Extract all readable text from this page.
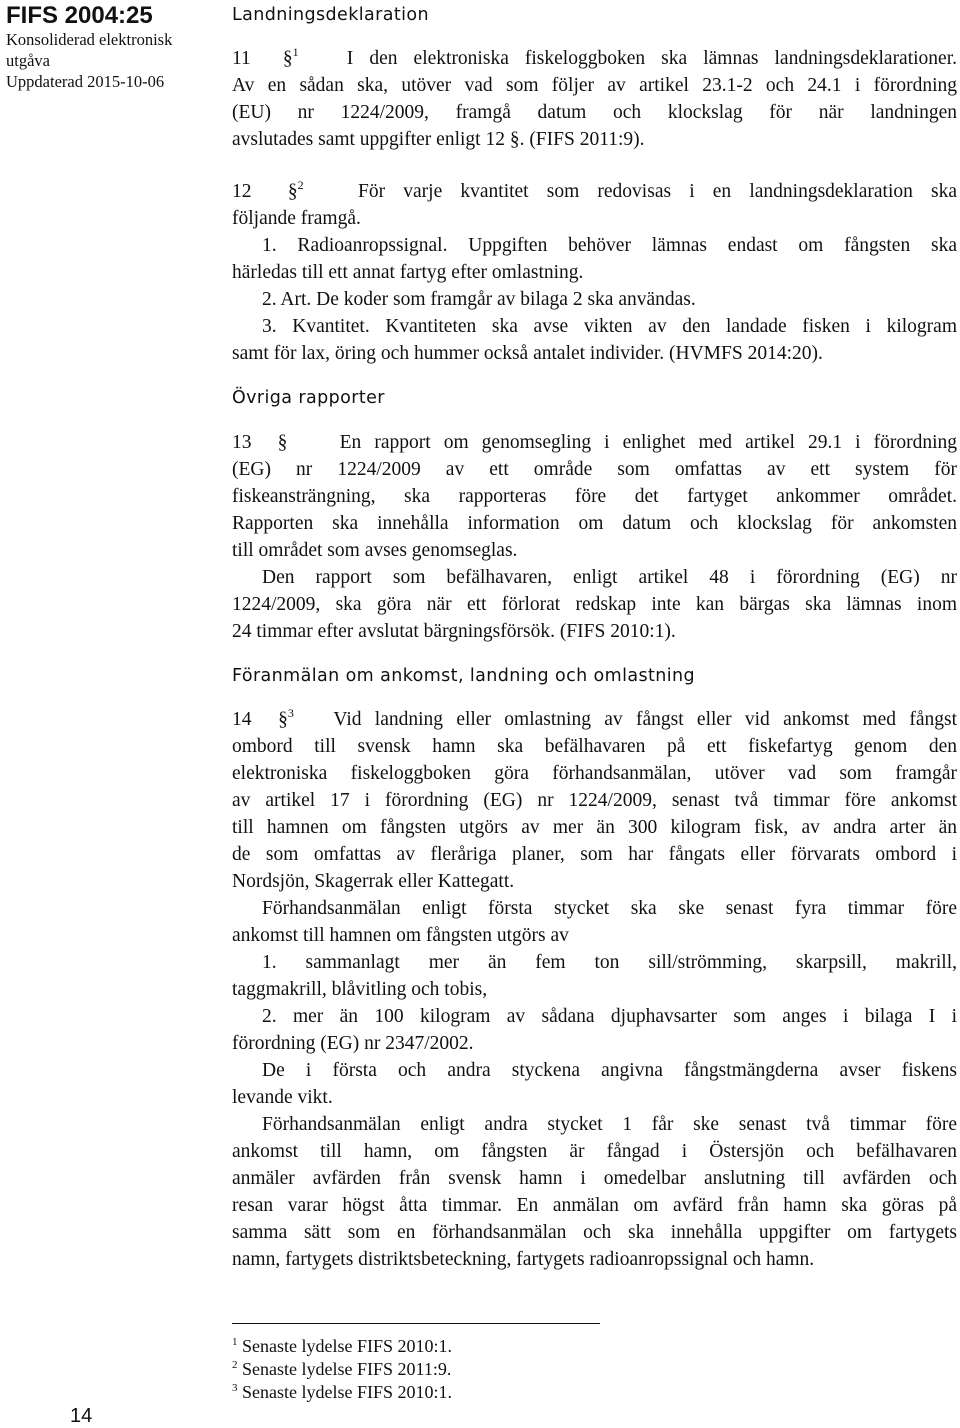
FIFS 2004:25
Konsoliderad elektronisk
utgåva
Uppdaterad 2015-10-06
14
Landningsdeklaration
11 §$^1$ I den elektroniska fiskeloggboken ska lämnas landningsdeklarationer.
Av en sådan ska, utöver vad som följer av artikel 23.1-2 och 24.1 i förordning
(EU) nr 1224/2009, framgå datum och klockslag för när landningen
avslutades samt uppgifter enligt 12 §. (FIFS 2011:9).
12 §$^2$	För varje kvantitet som redovisas i en landningsdeklaration ska
följande framgå.
1. Radioanropssignal. Uppgiften behöver lämnas endast om fångsten ska
härledas till ett annat fartyg efter omlastning.
2. Art. De koder som framgår av bilaga 2 ska användas.
3. Kvantitet. Kvantiteten ska avse vikten av den landade fisken i kilogram
samt för lax, öring och hummer också antalet individer. (HVMFS 2014:20).
Övriga rapporter
13 §	En rapport om genomsegling i enlighet med artikel 29.1 i förordning
(EG) nr 1224/2009 av ett område som omfattas av ett system för
fiskeansträngning, ska rapporteras före det fartyget ankommer området.
Rapporten ska innehålla information om datum och klockslag för ankomsten
till området som avses genomseglas.
Den rapport som befälhavaren, enligt artikel 48 i förordning (EG) nr
1224/2009, ska göra när ett förlorat redskap inte kan bärgas ska lämnas inom
24 timmar efter avslutat bärgningsförsök. (FIFS 2010:1).
Föranmälan om ankomst, landning och omlastning
14 §$^3$ Vid landning eller omlastning av fångst eller vid ankomst med fångst
ombord till svensk hamn ska befälhavaren på ett fiskefartyg genom den
elektroniska fiskeloggboken göra förhandsanmälan, utöver vad som framgår
av artikel 17 i förordning (EG) nr 1224/2009, senast två timmar före ankomst
till hamnen om fångsten utgörs av mer än 300 kilogram fisk, av andra arter än
de som omfattas av fleråriga planer, som har fångats eller förvarats ombord i
Nordsjön, Skagerrak eller Kattegatt.
Förhandsanmälan enligt första stycket ska ske senast fyra timmar före
ankomst till hamnen om fångsten utgörs av
1. sammanlagt mer än fem ton sill/strömming, skarpsill, makrill,
taggmakrill, blåvitling och tobis,
2. mer än 100 kilogram av sådana djuphavsarter som anges i bilaga I i
förordning (EG) nr 2347/2002.
De i första och andra styckena angivna fångstmängderna avser fiskens
levande vikt.
Förhandsanmälan enligt andra stycket 1 får ske senast två timmar före
ankomst till hamn, om fångsten är fångad i Östersjön och befälhavaren
anmäler avfärden från svensk hamn i omedelbar anslutning till avfärden och
resan varar högst åtta timmar. En anmälan om avfärd från hamn ska göras på
samma sätt som en förhandsanmälan och ska innehålla uppgifter om fartygets
namn, fartygets distriktsbeteckning, fartygets radioanropssignal och hamn.
$^1$ Senaste lydelse FIFS 2010:1.
$^2$ Senaste lydelse FIFS 2011:9.
$^3$ Senaste lydelse FIFS 2010:1.
